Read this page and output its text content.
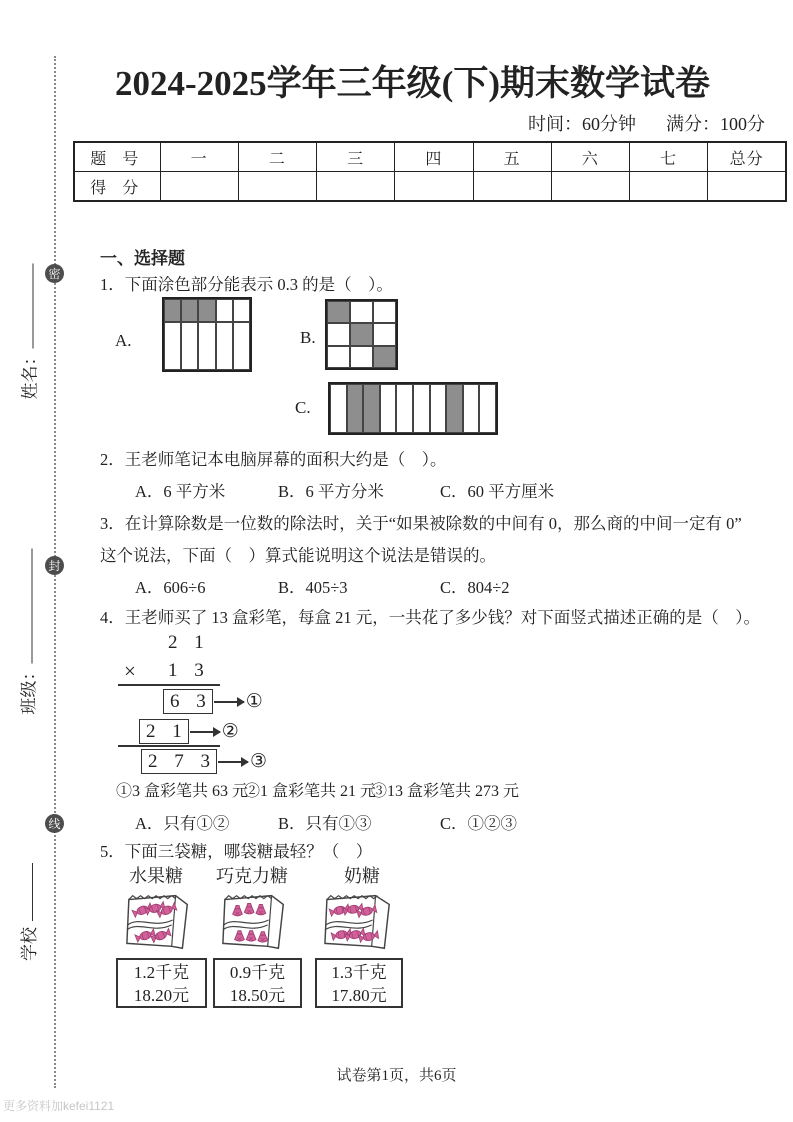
2024-2025学年三年级(下)期末数学试卷
时间：60分钟 满分：100分
题 号	一	二	三	四	五	六	七	总分
得 分								
密
封
线
姓名：
班级：
学校
一、选择题
1．下面涂色部分能表示 0.3 的是（　）。
A.	B.
C.
2．王老师笔记本电脑屏幕的面积大约是（　）。
A．6 平方米	B．6 平方分米	C．60 平方厘米
3．在计算除数是一位数的除法时，关于“如果被除数的中间有 0，那么商的中间一定有 0”
这个说法，下面（　）算式能说明这个说法是错误的。
A．606÷6	B．405÷3	C．804÷2
4．王老师买了 13 盒彩笔，每盒 21 元，一共花了多少钱？对下面竖式描述正确的是（　）。
2 1
× 1 3
6 3	①
2 1	②
2 7 3	③
①3 盒彩笔共 63 元
②1 盒彩笔共 21 元
③13 盒彩笔共 273 元
A．只有①②	B．只有①③	C．①②③
5．下面三袋糖，哪袋糖最轻？（　）
水果糖 巧克力糖	奶糖
1.2千克
18.20元
0.9千克
18.50元
1.3千克
17.80元
试卷第1页，共6页
更多资料加kefei1121
